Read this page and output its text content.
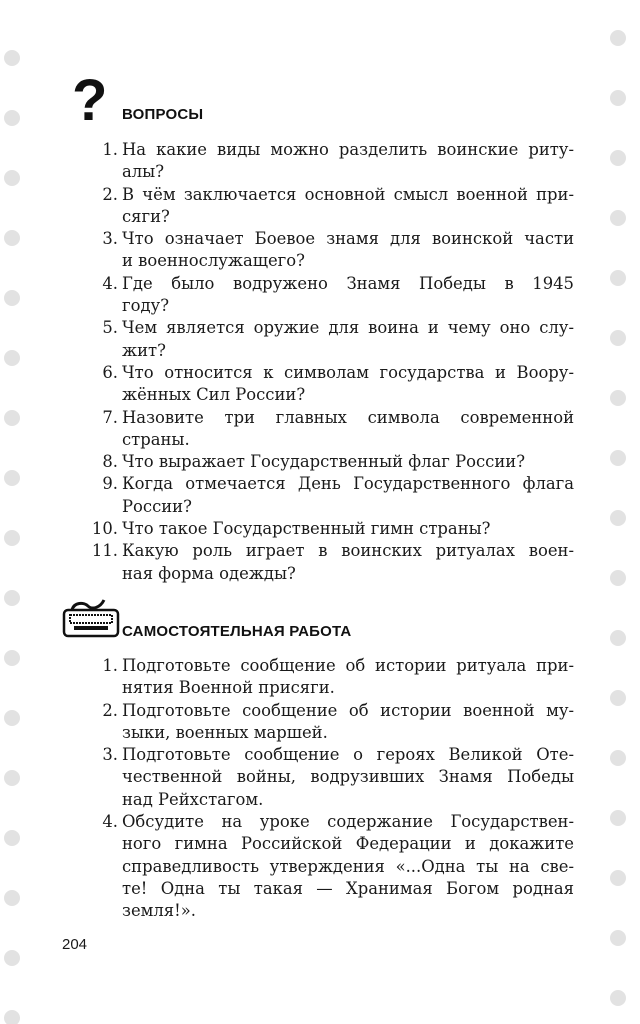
? ВОПРОСЫ
1. На какие виды можно разделить воинские риту-
алы?
2. В чём заключается основной смысл военной при-
сяги?
3. Что означает Боевое знамя для воинской части
и военнослужащего?
4. Где было водружено Знамя Победы в 1945
году?
5. Чем является оружие для воина и чему оно слу-
жит?
6. Что относится к символам государства и Воору-
жённых Сил России?
7. Назовите три главных символа современной
страны.
8. Что выражает Государственный флаг России?
9. Когда отмечается День Государственного флага
России?
10. Что такое Государственный гимн страны?
11. Какую роль играет в воинских ритуалах воен-
ная форма одежды?
САМОСТОЯТЕЛЬНАЯ РАБОТА
1. Подготовьте сообщение об истории ритуала при-
нятия Военной присяги.
2. Подготовьте сообщение об истории военной му-
зыки, военных маршей.
3. Подготовьте сообщение о героях Великой Оте-
чественной войны, водрузивших Знамя Победы
над Рейхстагом.
4. Обсудите на уроке содержание Государствен-
ного гимна Российской Федерации и докажите
справедливость утверждения «...Одна ты на све-
те! Одна ты такая — Хранимая Богом родная
земля!».
204
